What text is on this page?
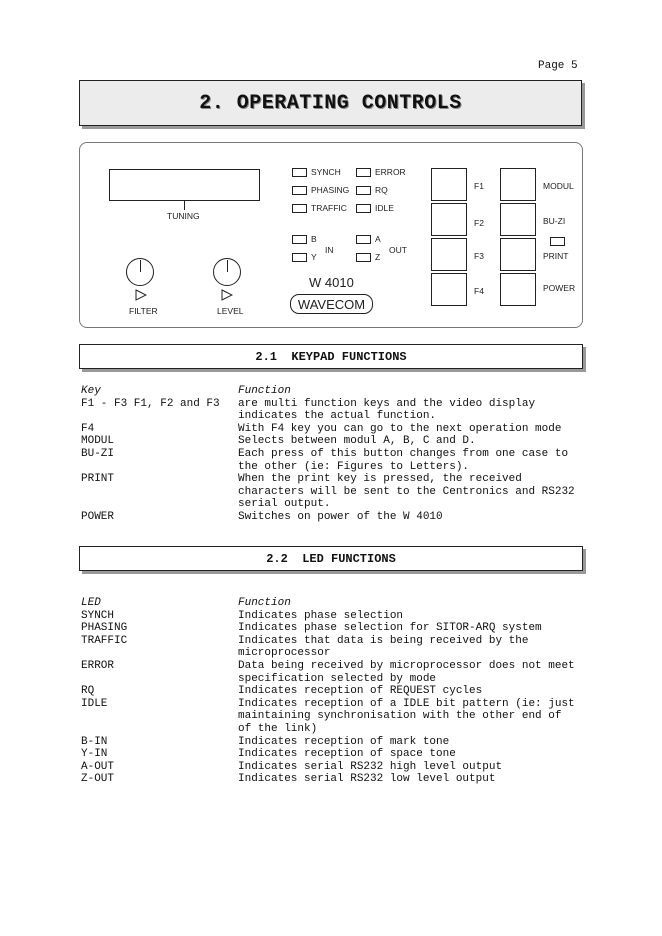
Page 5
2. OPERATING CONTROLS
TUNING
FILTER	LEVEL
SYNCH
PHASING
TRAFFIC
ERROR
RQ
IDLE
B
Y
IN
A
Z
OUT
W 4010
WAVECOM
F1
F2
F3
F4
MODUL
BU-ZI
PRINT
POWER
2.1  KEYPAD FUNCTIONS
Key	Function
F1 - F3 F1, F2 and F3	are multi function keys and the video display
indicates the actual function.
F4	With F4 key you can go to the next operation mode
MODUL	Selects between modul A, B, C and D.
BU-ZI	Each press of this button changes from one case to
the other (ie: Figures to Letters).
PRINT	When the print key is pressed, the received
characters will be sent to the Centronics and RS232
serial output.
POWER	Switches on power of the W 4010
2.2  LED FUNCTIONS
LED	Function
SYNCH	Indicates phase selection
PHASING	Indicates phase selection for SITOR-ARQ system
TRAFFIC	Indicates that data is being received by the
microprocessor
ERROR	Data being received by microprocessor does not meet
specification selected by mode
RQ	Indicates reception of REQUEST cycles
IDLE	Indicates reception of a IDLE bit pattern (ie: just
maintaining synchronisation with the other end of
of the link)
B-IN	Indicates reception of mark tone
Y-IN	Indicates reception of space tone
A-OUT	Indicates serial RS232 high level output
Z-OUT	Indicates serial RS232 low level output
